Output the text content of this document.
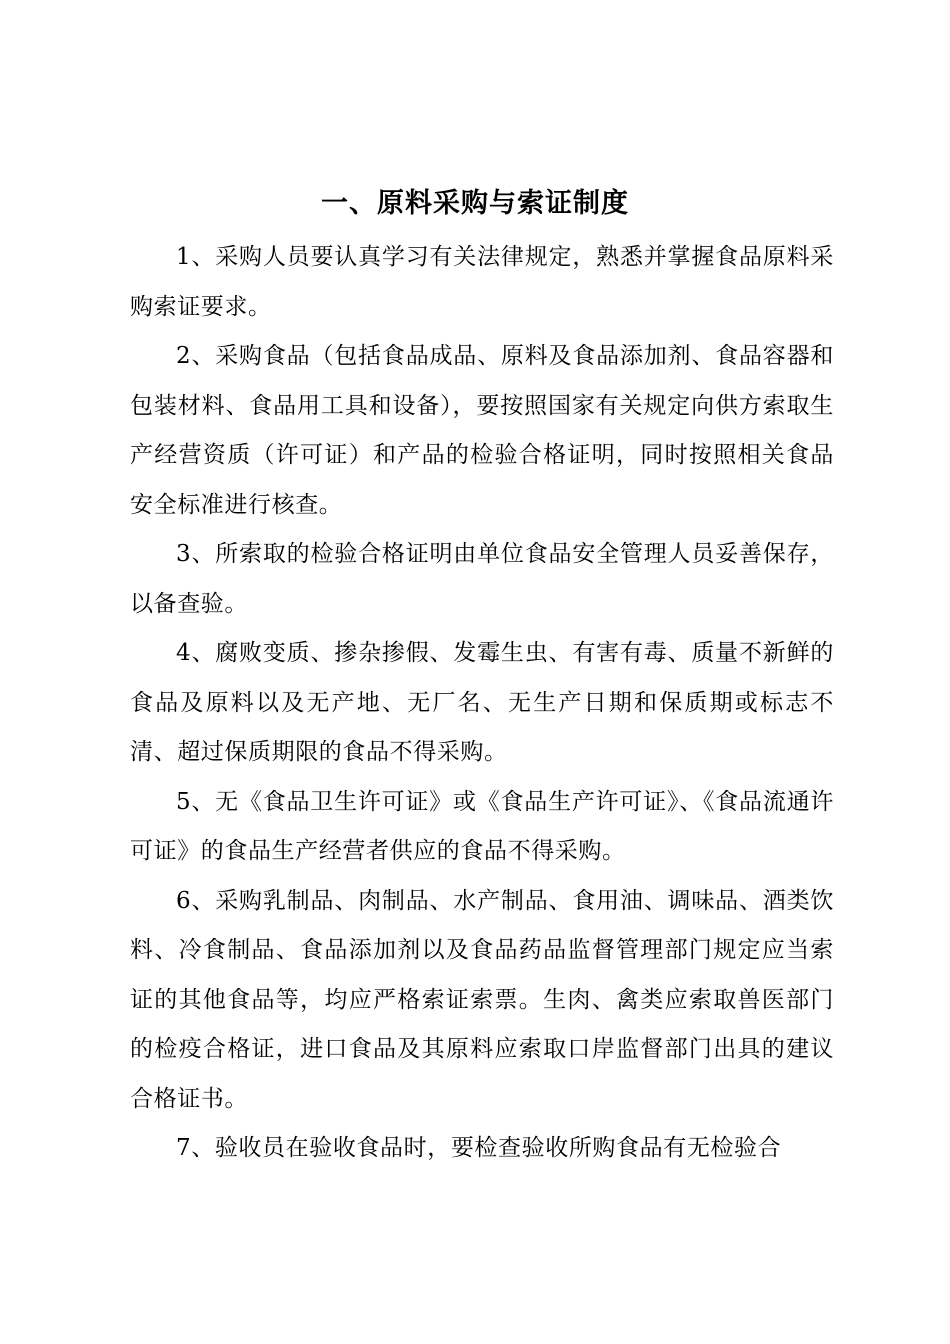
一、原料采购与索证制度

1、采购人员要认真学习有关法律规定，熟悉并掌握食品原料采购索证要求。

2、采购食品（包括食品成品、原料及食品添加剂、食品容器和包装材料、食品用工具和设备），要按照国家有关规定向供方索取生产经营资质（许可证）和产品的检验合格证明，同时按照相关食品安全标准进行核查。

3、所索取的检验合格证明由单位食品安全管理人员妥善保存，以备查验。

4、腐败变质、掺杂掺假、发霉生虫、有害有毒、质量不新鲜的食品及原料以及无产地、无厂名、无生产日期和保质期或标志不清、超过保质期限的食品不得采购。

5、无《食品卫生许可证》或《食品生产许可证》、《食品流通许可证》的食品生产经营者供应的食品不得采购。

6、采购乳制品、肉制品、水产制品、食用油、调味品、酒类饮料、冷食制品、食品添加剂以及食品药品监督管理部门规定应当索证的其他食品等，均应严格索证索票。生肉、禽类应索取兽医部门的检疫合格证，进口食品及其原料应索取口岸监督部门出具的建议合格证书。

7、验收员在验收食品时，要检查验收所购食品有无检验合
